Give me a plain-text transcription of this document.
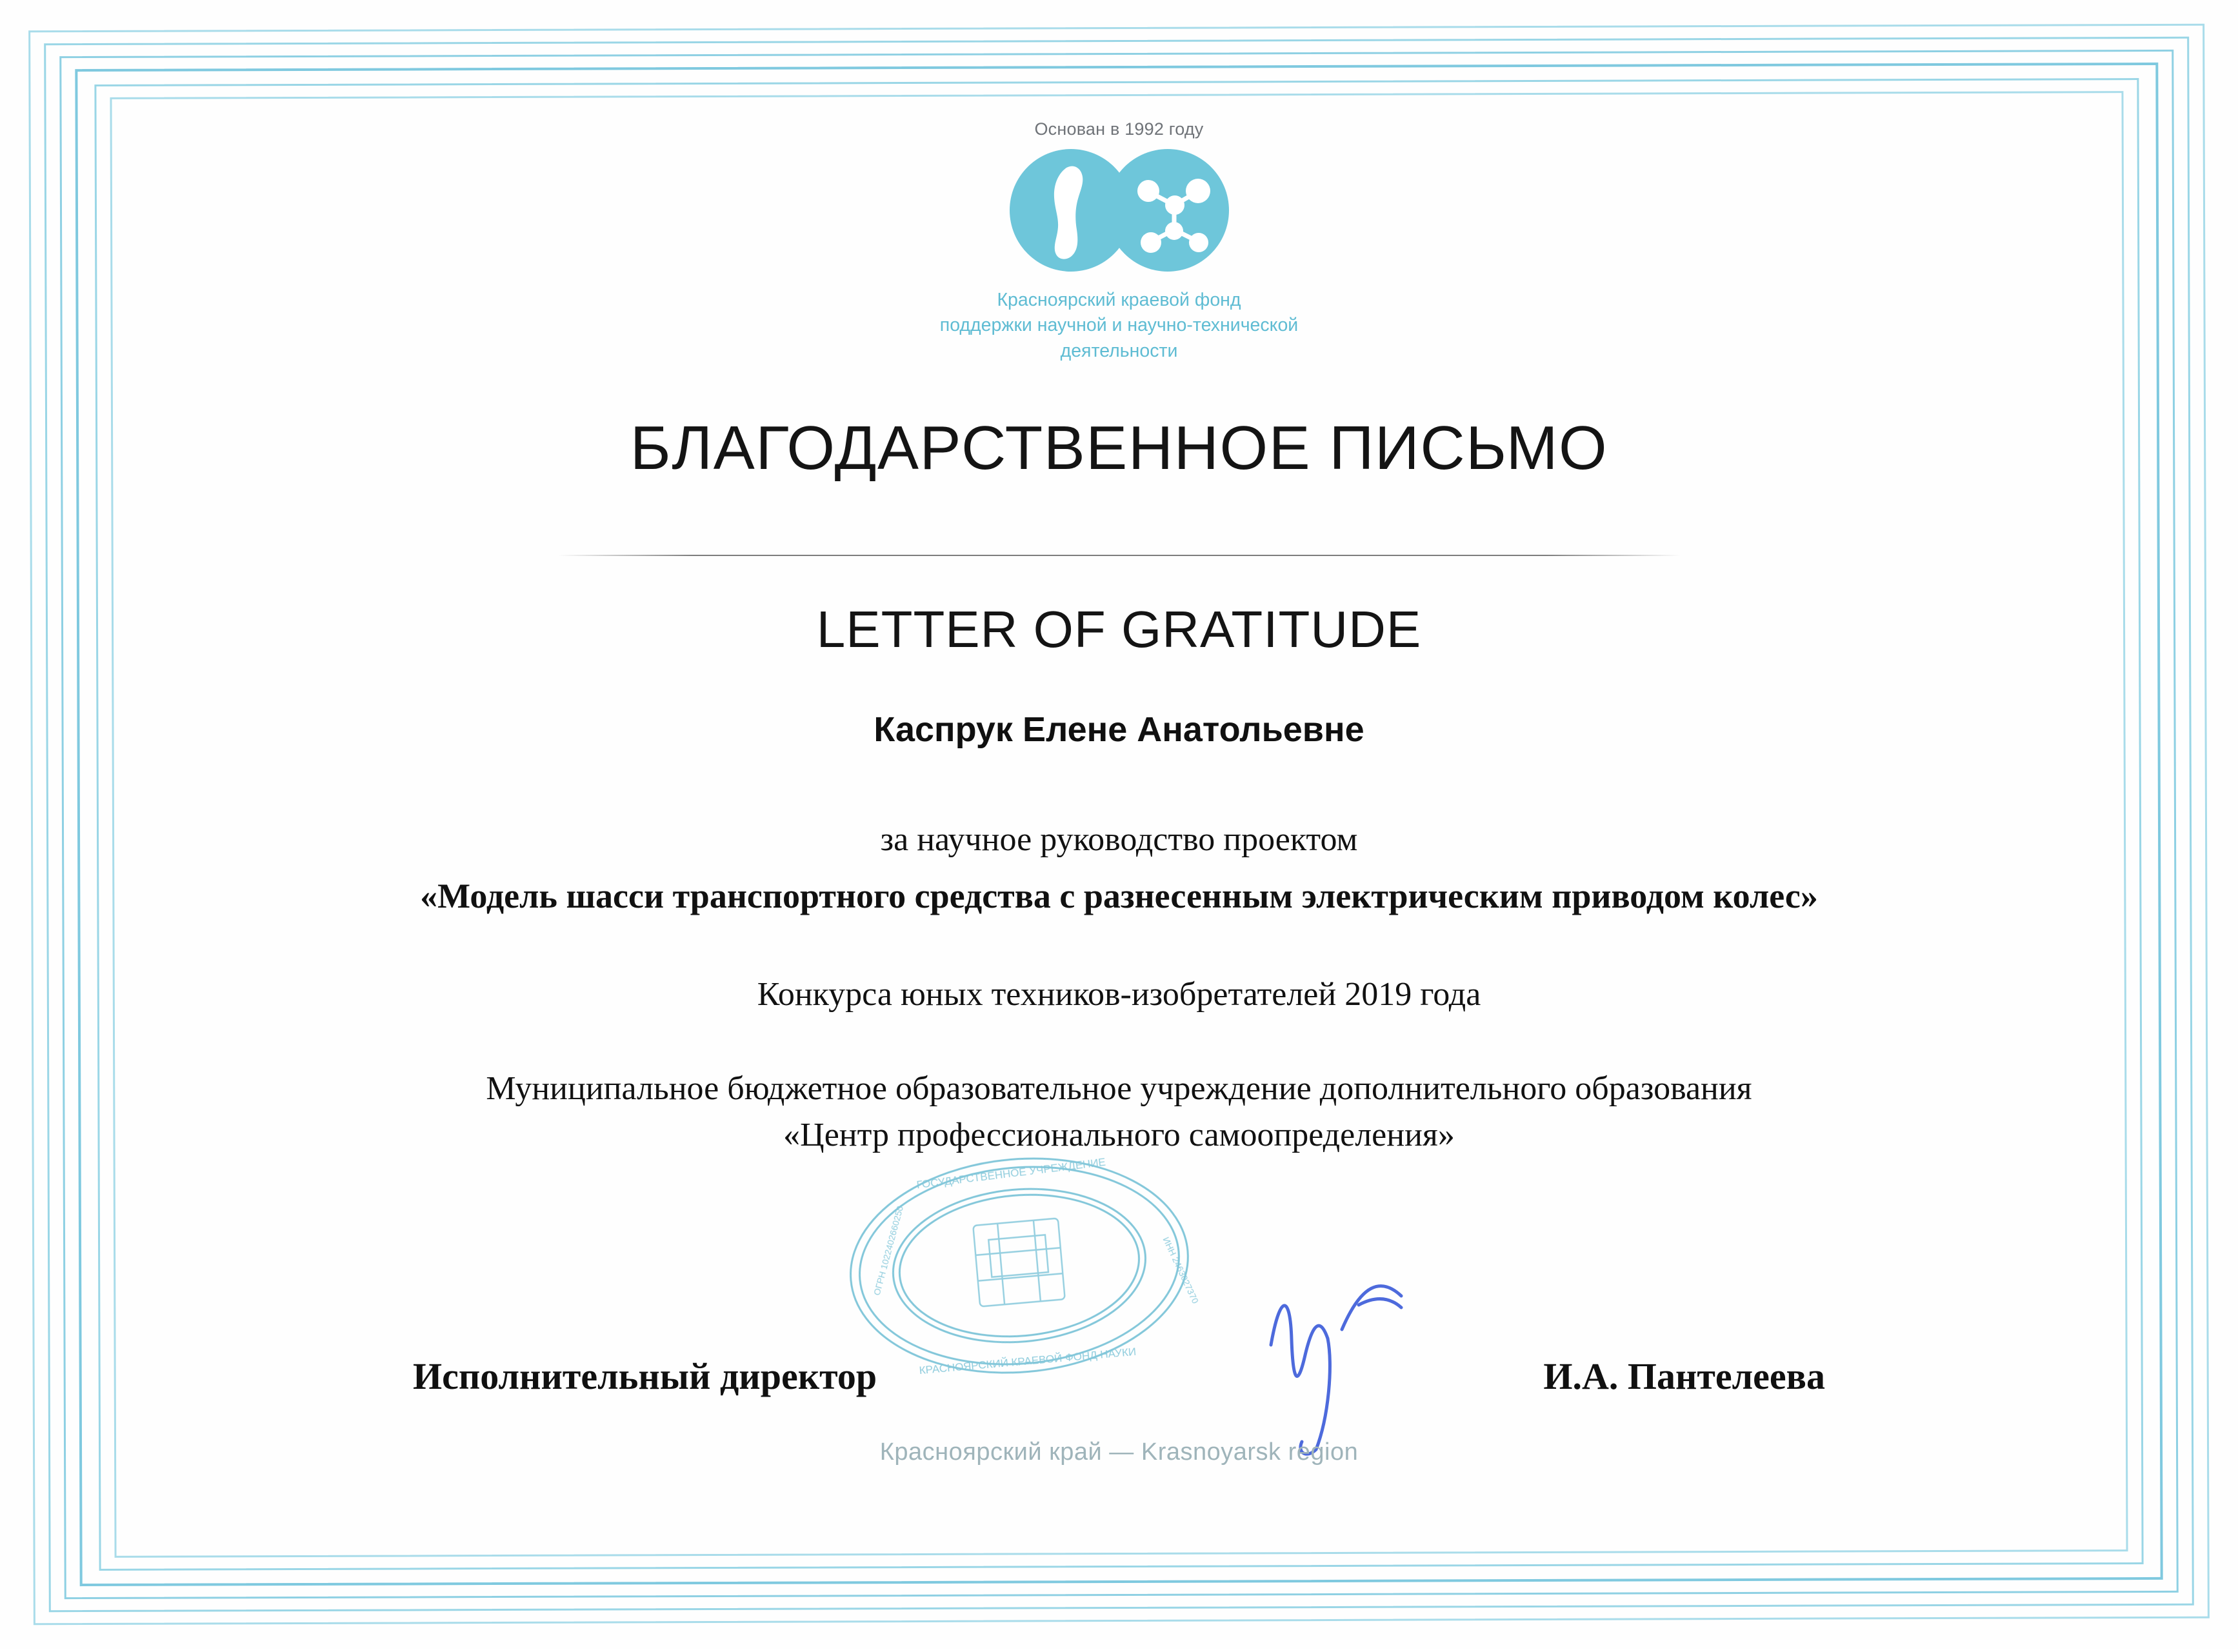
Основан в 1992 году
Красноярский краевой фонд
поддержки научной и научно-технической
деятельности
БЛАГОДАРСТВЕННОЕ ПИСЬМО
LETTER OF GRATITUDE
Каспрук Елене Анатольевне
за научное руководство проектом
«Модель шасси транспортного средства с разнесенным электрическим приводом колес»
Конкурса юных техников-изобретателей 2019 года
Муниципальное бюджетное образовательное учреждение дополнительного образования
«Центр профессионального самоопределения»
ГОСУДАРСТВЕННОЕ УЧРЕЖДЕНИЕ
КРАСНОЯРСКИЙ КРАЕВОЙ ФОНД НАУКИ
ОГРН 1022402660250	ИНН 2463027370
Исполнительный директор	И.А. Пантелеева
Красноярский край — Krasnoyarsk region
